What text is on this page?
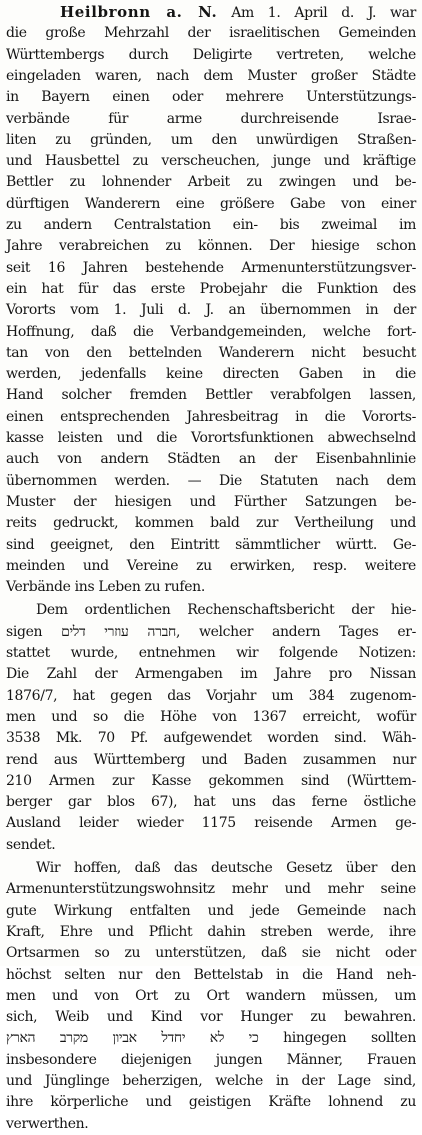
Heilbronn a. N. Am 1. April d. J. war
die große Mehrzahl der israelitischen Gemeinden
Württembergs durch Deligirte vertreten, welche
eingeladen waren, nach dem Muster großer Städte
in Bayern einen oder mehrere Unterstützungs-
verbände für arme durchreisende Israe-
liten zu gründen, um den unwürdigen Straßen-
und Hausbettel zu verscheuchen, junge und kräftige
Bettler zu lohnender Arbeit zu zwingen und be-
dürftigen Wanderern eine größere Gabe von einer
zu andern Centralstation ein- bis zweimal im
Jahre verabreichen zu können. Der hiesige schon
seit 16 Jahren bestehende Armenunterstützungsver-
ein hat für das erste Probejahr die Funktion des
Vororts vom 1. Juli d. J. an übernommen in der
Hoffnung, daß die Verbandgemeinden, welche fort-
tan von den bettelnden Wanderern nicht besucht
werden, jedenfalls keine directen Gaben in die
Hand solcher fremden Bettler verabfolgen lassen,
einen entsprechenden Jahresbeitrag in die Vororts-
kasse leisten und die Vorortsfunktionen abwechselnd
auch von andern Städten an der Eisenbahnlinie
übernommen werden. — Die Statuten nach dem
Muster der hiesigen und Fürther Satzungen be-
reits gedruckt, kommen bald zur Vertheilung und
sind geeignet, den Eintritt sämmtlicher württ. Ge-
meinden und Vereine zu erwirken, resp. weitere
Verbände ins Leben zu rufen.
Dem ordentlichen Rechenschaftsbericht der hie-
sigen חברה עוזרי דלים, welcher andern Tages er-
stattet wurde, entnehmen wir folgende Notizen:
Die Zahl der Armengaben im Jahre pro Nissan
1876/7, hat gegen das Vorjahr um 384 zugenom-
men und so die Höhe von 1367 erreicht, wofür
3538 Mk. 70 Pf. aufgewendet worden sind. Wäh-
rend aus Württemberg und Baden zusammen nur
210 Armen zur Kasse gekommen sind (Württem-
berger gar blos 67), hat uns das ferne östliche
Ausland leider wieder 1175 reisende Armen ge-
sendet.
Wir hoffen, daß das deutsche Gesetz über den
Armenunterstützungswohnsitz mehr und mehr seine
gute Wirkung entfalten und jede Gemeinde nach
Kraft, Ehre und Pflicht dahin streben werde, ihre
Ortsarmen so zu unterstützen, daß sie nicht oder
höchst selten nur den Bettelstab in die Hand neh-
men und von Ort zu Ort wandern müssen, um
sich, Weib und Kind vor Hunger zu bewahren.
כי לא יחדל אביון מקרב הארץ hingegen sollten
insbesondere diejenigen jungen Männer, Frauen
und Jünglinge beherzigen, welche in der Lage sind,
ihre körperliche und geistigen Kräfte lohnend zu
verwerthen.
